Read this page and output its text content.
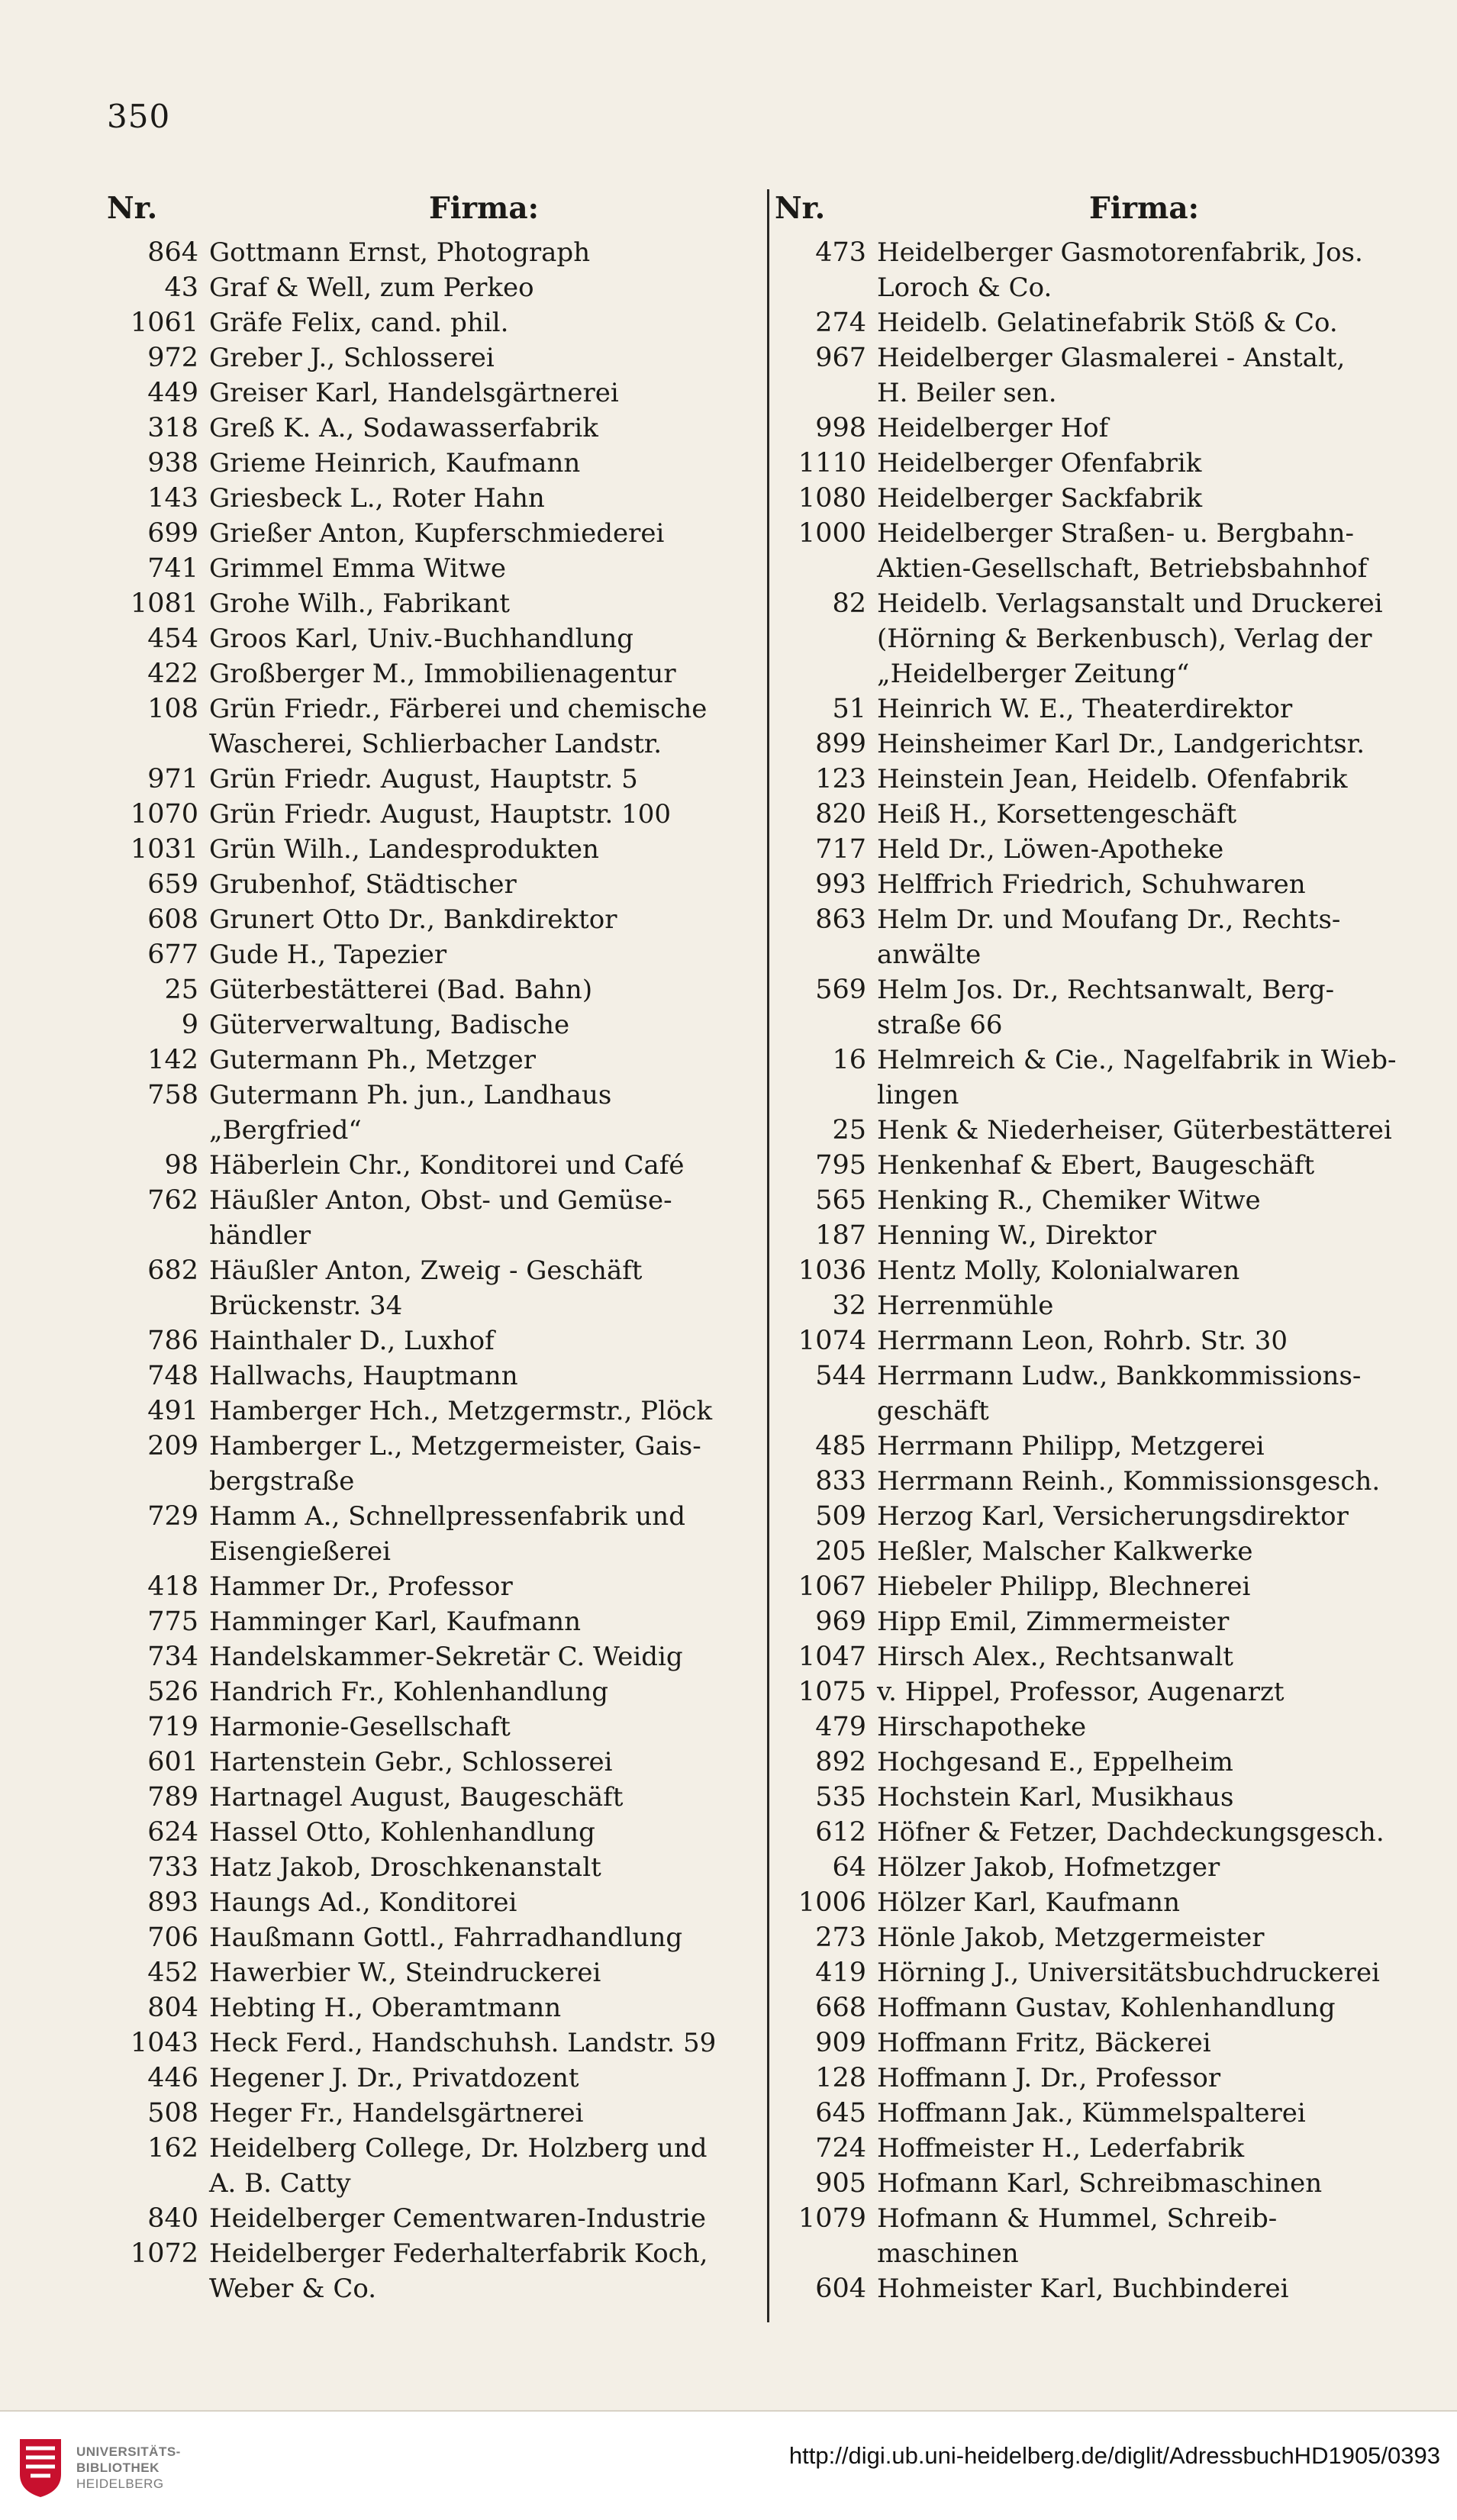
350
Nr.	Firma:
864 Gottmann Ernst, Photograph
43 Graf & Well, zum Perkeo
1061 Gräfe Felix, cand. phil.
972 Greber J., Schlosserei
449 Greiser Karl, Handelsgärtnerei
318 Greß K. A., Sodawasserfabrik
938 Grieme Heinrich, Kaufmann
143 Griesbeck L., Roter Hahn
699 Grießer Anton, Kupferschmiederei
741 Grimmel Emma Witwe
1081 Grohe Wilh., Fabrikant
454 Groos Karl, Univ.-Buchhandlung
422 Großberger M., Immobilienagentur
108 Grün Friedr., Färberei und chemische
Wascherei, Schlierbacher Landstr.
971 Grün Friedr. August, Hauptstr. 5
1070 Grün Friedr. August, Hauptstr. 100
1031 Grün Wilh., Landesprodukten
659 Grubenhof, Städtischer
608 Grunert Otto Dr., Bankdirektor
677 Gude H., Tapezier
25 Güterbestätterei (Bad. Bahn)
9 Güterverwaltung, Badische
142 Gutermann Ph., Metzger
758 Gutermann Ph. jun., Landhaus
„Bergfried“
98 Häberlein Chr., Konditorei und Café
762 Häußler Anton, Obst- und Gemüse-
händler
682 Häußler Anton, Zweig - Geschäft
Brückenstr. 34
786 Hainthaler D., Luxhof
748 Hallwachs, Hauptmann
491 Hamberger Hch., Metzgermstr., Plöck
209 Hamberger L., Metzgermeister, Gais-
bergstraße
729 Hamm A., Schnellpressenfabrik und
Eisengießerei
418 Hammer Dr., Professor
775 Hamminger Karl, Kaufmann
734 Handelskammer-Sekretär C. Weidig
526 Handrich Fr., Kohlenhandlung
719 Harmonie-Gesellschaft
601 Hartenstein Gebr., Schlosserei
789 Hartnagel August, Baugeschäft
624 Hassel Otto, Kohlenhandlung
733 Hatz Jakob, Droschkenanstalt
893 Haungs Ad., Konditorei
706 Haußmann Gottl., Fahrradhandlung
452 Hawerbier W., Steindruckerei
804 Hebting H., Oberamtmann
1043 Heck Ferd., Handschuhsh. Landstr. 59
446 Hegener J. Dr., Privatdozent
508 Heger Fr., Handelsgärtnerei
162 Heidelberg College, Dr. Holzberg und
A. B. Catty
840 Heidelberger Cementwaren-Industrie
1072 Heidelberger Federhalterfabrik Koch,
Weber & Co.
Nr.	Firma:
473 Heidelberger Gasmotorenfabrik, Jos.
Loroch & Co.
274 Heidelb. Gelatinefabrik Stöß & Co.
967 Heidelberger Glasmalerei - Anstalt,
H. Beiler sen.
998 Heidelberger Hof
1110 Heidelberger Ofenfabrik
1080 Heidelberger Sackfabrik
1000 Heidelberger Straßen- u. Bergbahn-
Aktien-Gesellschaft, Betriebsbahnhof
82 Heidelb. Verlagsanstalt und Druckerei
(Hörning & Berkenbusch), Verlag der
„Heidelberger Zeitung“
51 Heinrich W. E., Theaterdirektor
899 Heinsheimer Karl Dr., Landgerichtsr.
123 Heinstein Jean, Heidelb. Ofenfabrik
820 Heiß H., Korsettengeschäft
717 Held Dr., Löwen-Apotheke
993 Helffrich Friedrich, Schuhwaren
863 Helm Dr. und Moufang Dr., Rechts-
anwälte
569 Helm Jos. Dr., Rechtsanwalt, Berg-
straße 66
16 Helmreich & Cie., Nagelfabrik in Wieb-
lingen
25 Henk & Niederheiser, Güterbestätterei
795 Henkenhaf & Ebert, Baugeschäft
565 Henking R., Chemiker Witwe
187 Henning W., Direktor
1036 Hentz Molly, Kolonialwaren
32 Herrenmühle
1074 Herrmann Leon, Rohrb. Str. 30
544 Herrmann Ludw., Bankkommissions-
geschäft
485 Herrmann Philipp, Metzgerei
833 Herrmann Reinh., Kommissionsgesch.
509 Herzog Karl, Versicherungsdirektor
205 Heßler, Malscher Kalkwerke
1067 Hiebeler Philipp, Blechnerei
969 Hipp Emil, Zimmermeister
1047 Hirsch Alex., Rechtsanwalt
1075 v. Hippel, Professor, Augenarzt
479 Hirschapotheke
892 Hochgesand E., Eppelheim
535 Hochstein Karl, Musikhaus
612 Höfner & Fetzer, Dachdeckungsgesch.
64 Hölzer Jakob, Hofmetzger
1006 Hölzer Karl, Kaufmann
273 Hönle Jakob, Metzgermeister
419 Hörning J., Universitätsbuchdruckerei
668 Hoffmann Gustav, Kohlenhandlung
909 Hoffmann Fritz, Bäckerei
128 Hoffmann J. Dr., Professor
645 Hoffmann Jak., Kümmelspalterei
724 Hoffmeister H., Lederfabrik
905 Hofmann Karl, Schreibmaschinen
1079 Hofmann & Hummel, Schreib-
maschinen
604 Hohmeister Karl, Buchbinderei
UNIVERSITÄTS-
BIBLIOTHEK
HEIDELBERG
http://digi.ub.uni-heidelberg.de/diglit/AdressbuchHD1905/0393
